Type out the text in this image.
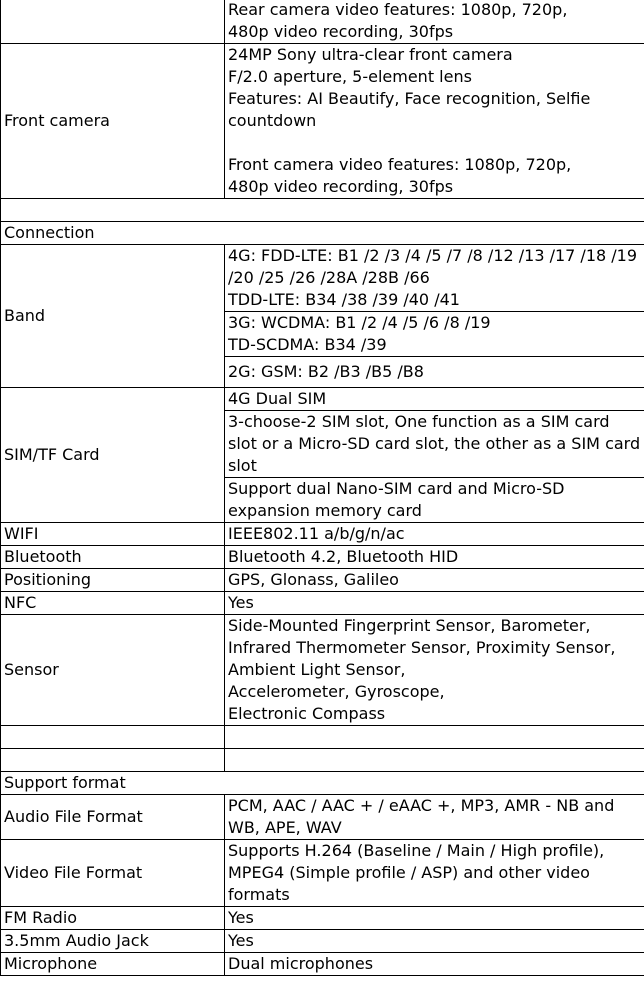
	Rear camera video features: 1080p, 720p,
480p video recording, 30fps
Front camera	24MP Sony ultra-clear front camera
F/2.0 aperture, 5-element lens
Features: AI Beautify, Face recognition, Selfie countdown

Front camera video features: 1080p, 720p,
480p video recording, 30fps

Connection	
Band	4G: FDD-LTE: B1 /2 /3 /4 /5 /7 /8 /12 /13 /17 /18 /19 /20 /25 /26 /28A /28B /66
TDD-LTE: B34 /38 /39 /40 /41
	3G: WCDMA: B1 /2 /4 /5 /6 /8 /19
TD-SCDMA: B34 /39
	2G: GSM: B2 /B3 /B5 /B8
SIM/TF Card	4G Dual SIM
	3-choose-2 SIM slot, One function as a SIM card slot or a Micro-SD card slot, the other as a SIM card slot
	Support dual Nano-SIM card and Micro-SD expansion memory card
WIFI	IEEE802.11 a/b/g/n/ac
Bluetooth	Bluetooth 4.2, Bluetooth HID
Positioning	GPS, Glonass, Galileo
NFC	Yes
Sensor	Side-Mounted Fingerprint Sensor, Barometer, Infrared Thermometer Sensor, Proximity Sensor, Ambient Light Sensor,
Accelerometer, Gyroscope,
Electronic Compass

Support format	
Audio File Format	PCM, AAC / AAC + / eAAC +, MP3, AMR - NB and WB, APE, WAV
Video File Format	Supports H.264 (Baseline / Main / High profile), MPEG4 (Simple profile / ASP) and other video formats
FM Radio	Yes
3.5mm Audio Jack	Yes
Microphone	Dual microphones
